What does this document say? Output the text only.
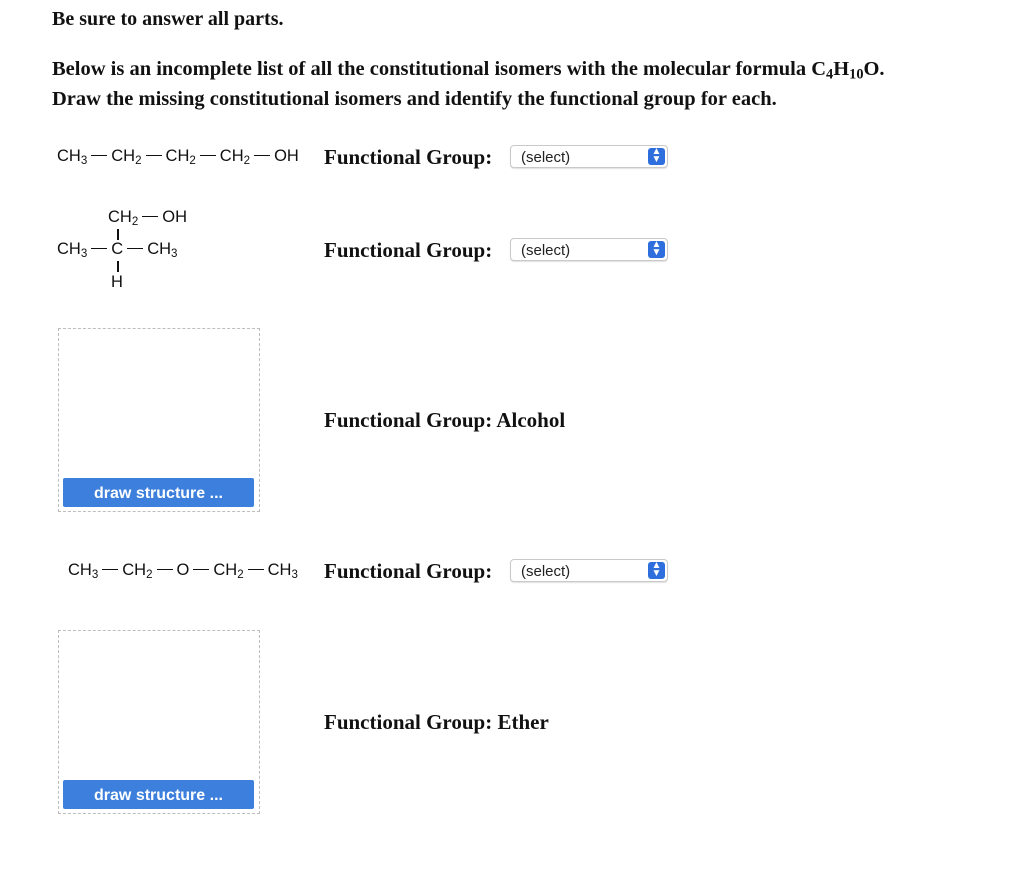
Be sure to answer all parts.
Below is an incomplete list of all the constitutional isomers with the molecular formula $C_4H_{10}O$.
Draw the missing constitutional isomers and identify the functional group for each.
$CH_3$ $CH_2$ $CH_2$ $CH_2$ OH Functional Group: (select)	▲
▼
$CH_2$ OH
$CH_3$ C $CH_3$
H
Functional Group: (select)	▲
▼
draw structure ...
Functional Group: Alcohol
$CH_3$ $CH_2$ O $CH_2$ $CH_3$ Functional Group: (select)	▲
▼
draw structure ...
Functional Group: Ether
